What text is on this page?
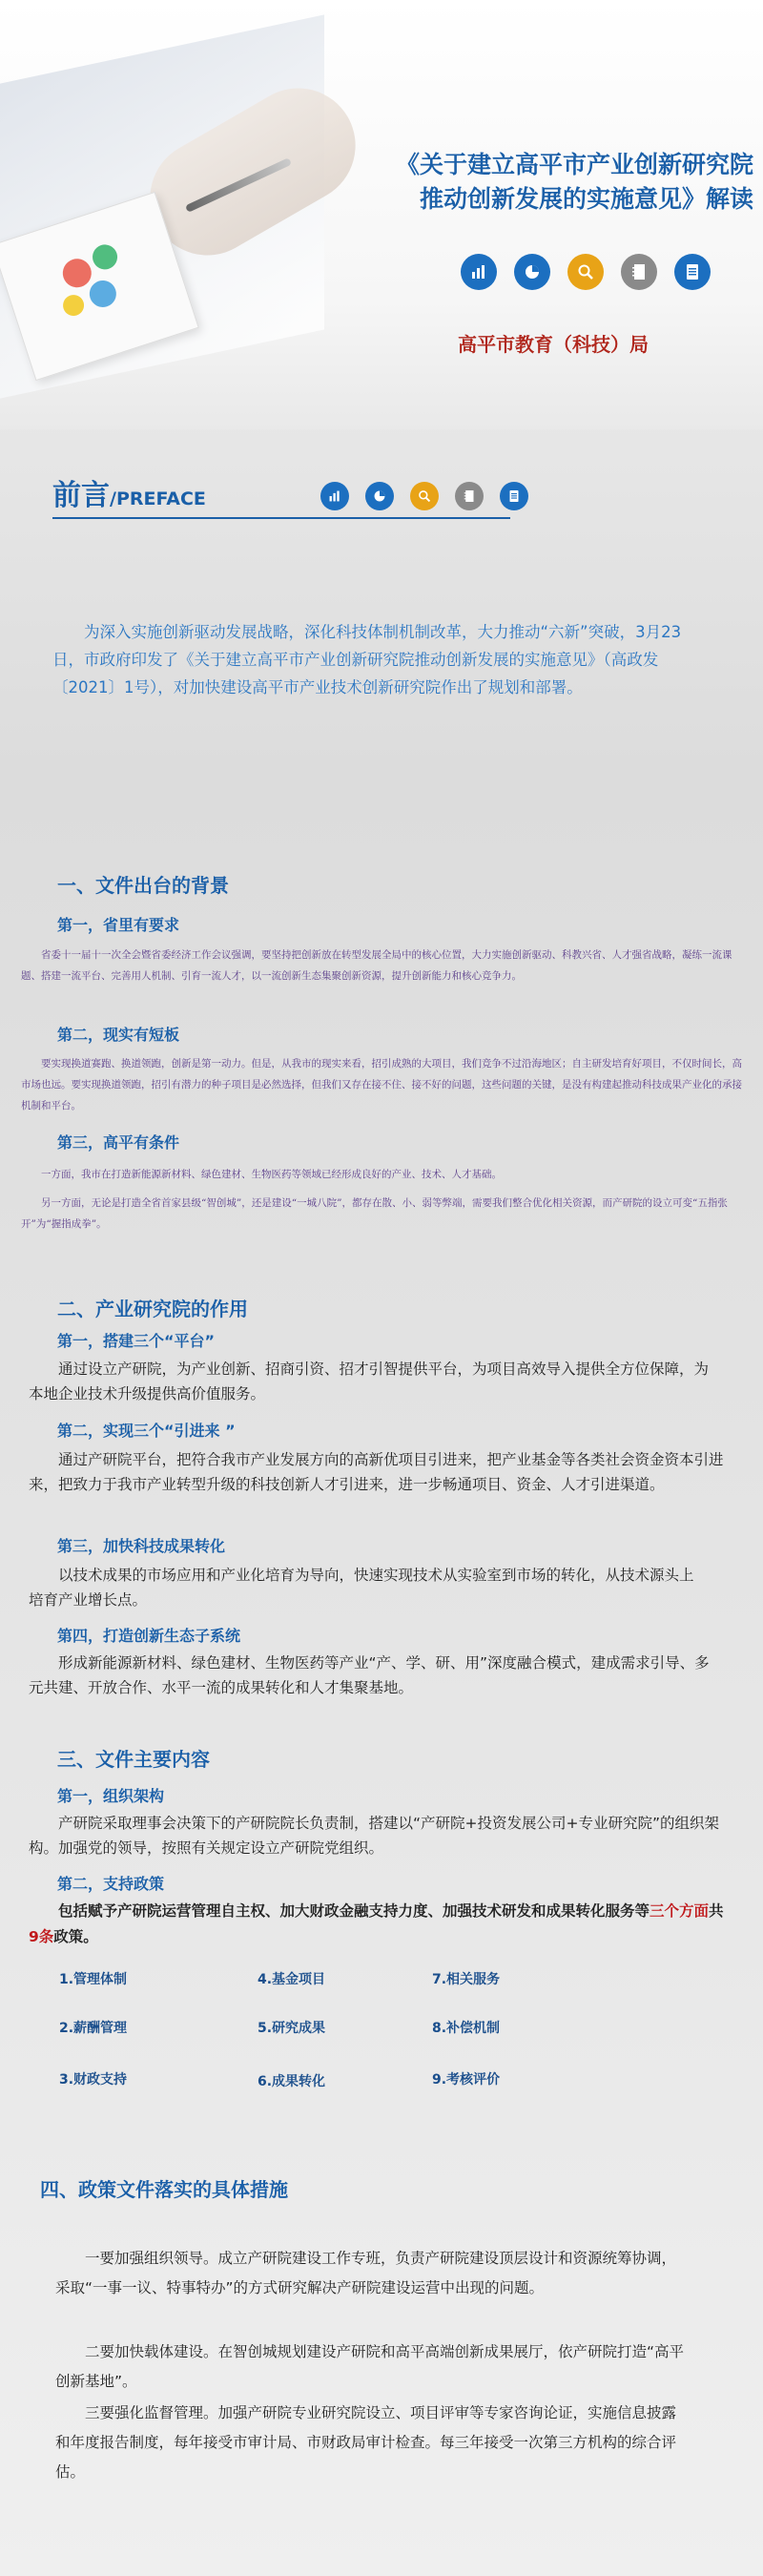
《关于建立高平市产业创新研究院
推动创新发展的实施意见》解读
高平市教育（科技）局
前言/PREFACE
为深入实施创新驱动发展战略，深化科技体制机制改革，大力推动“六新”突破，3月23日，市政府印发了《关于建立高平市产业创新研究院推动创新发展的实施意见》（高政发〔2021〕1号），对加快建设高平市产业技术创新研究院作出了规划和部署。
一、文件出台的背景
第一，省里有要求
省委十一届十一次全会暨省委经济工作会议强调，要坚持把创新放在转型发展全局中的核心位置，大力实施创新驱动、科教兴省、人才强省战略，凝练一流课题、搭建一流平台、完善用人机制、引育一流人才，以一流创新生态集聚创新资源，提升创新能力和核心竞争力。
第二，现实有短板
要实现换道赛跑、换道领跑，创新是第一动力。但是，从我市的现实来看，招引成熟的大项目，我们竞争不过沿海地区；自主研发培育好项目，不仅时间长，高市场也远。要实现换道领跑，招引有潜力的种子项目是必然选择，但我们又存在接不住、接不好的问题，这些问题的关键，是没有构建起推动科技成果产业化的承接机制和平台。
第三，高平有条件
一方面，我市在打造新能源新材料、绿色建材、生物医药等领域已经形成良好的产业、技术、人才基础。
另一方面，无论是打造全省首家县级“智创城”，还是建设“一城八院”，都存在散、小、弱等弊端，需要我们整合优化相关资源，而产研院的设立可变“五指张开”为“握指成拳”。
二、产业研究院的作用
第一，搭建三个“平台”
通过设立产研院，为产业创新、招商引资、招才引智提供平台，为项目高效导入提供全方位保障，为本地企业技术升级提供高价值服务。
第二，实现三个“引进来 ”
通过产研院平台，把符合我市产业发展方向的高新优项目引进来，把产业基金等各类社会资金资本引进来，把致力于我市产业转型升级的科技创新人才引进来，进一步畅通项目、资金、人才引进渠道。
第三，加快科技成果转化
以技术成果的市场应用和产业化培育为导向，快速实现技术从实验室到市场的转化，从技术源头上培育产业增长点。
第四，打造创新生态子系统
形成新能源新材料、绿色建材、生物医药等产业“产、学、研、用”深度融合模式，建成需求引导、多元共建、开放合作、水平一流的成果转化和人才集聚基地。
三、文件主要内容
第一，组织架构
产研院采取理事会决策下的产研院院长负责制，搭建以“产研院+投资发展公司+专业研究院”的组织架构。加强党的领导，按照有关规定设立产研院党组织。
第二，支持政策
包括赋予产研院运营管理自主权、加大财政金融支持力度、加强技术研发和成果转化服务等三个方面共9条政策。
1.管理体制	4.基金项目	7.相关服务
2.薪酬管理	5.研究成果	8.补偿机制
3.财政支持	6.成果转化	9.考核评价
四、政策文件落实的具体措施
一要加强组织领导。成立产研院建设工作专班，负责产研院建设顶层设计和资源统筹协调，采取“一事一议、特事特办”的方式研究解决产研院建设运营中出现的问题。
二要加快载体建设。在智创城规划建设产研院和高平高端创新成果展厅，依产研院打造“高平创新基地”。
三要强化监督管理。加强产研院专业研究院设立、项目评审等专家咨询论证，实施信息披露和年度报告制度，每年接受市审计局、市财政局审计检查。每三年接受一次第三方机构的综合评估。
